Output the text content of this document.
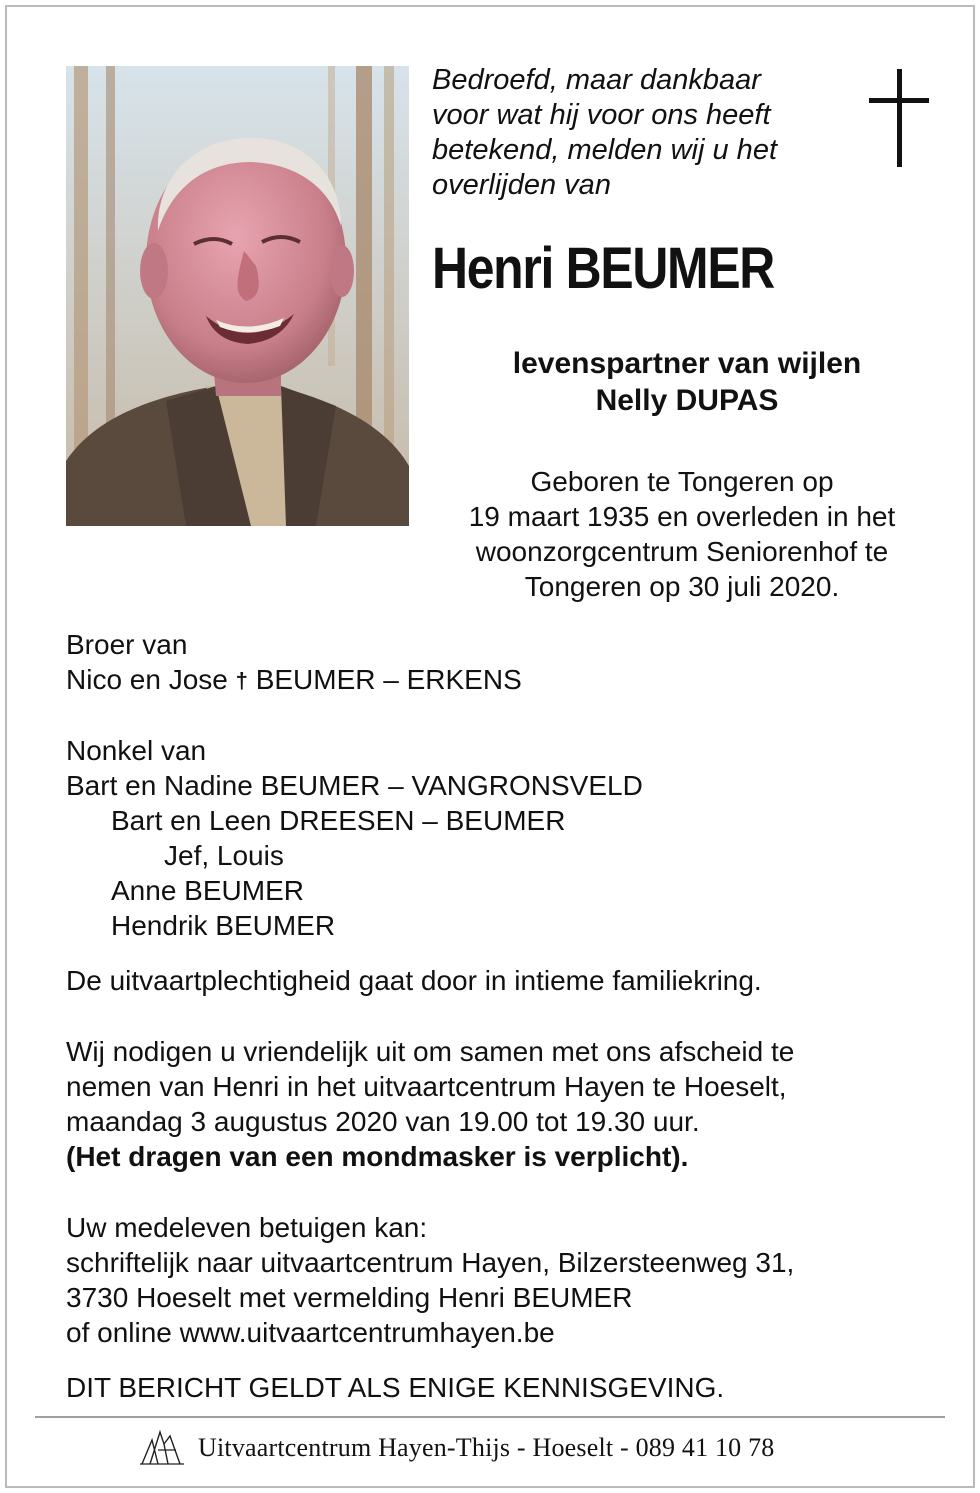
Bedroefd, maar dankbaar
voor wat hij voor ons heeft
betekend, melden wij u het
overlijden van
Henri BEUMER
levenspartner van wijlen
Nelly DUPAS
Geboren te Tongeren op
19 maart 1935 en overleden in het
woonzorgcentrum Seniorenhof te
Tongeren op 30 juli 2020.
Broer van
Nico en Jose † BEUMER – ERKENS
Nonkel van
Bart en Nadine BEUMER – VANGRONSVELD
Bart en Leen DREESEN – BEUMER
Jef, Louis
Anne BEUMER
Hendrik BEUMER
De uitvaartplechtigheid gaat door in intieme familiekring.
Wij nodigen u vriendelijk uit om samen met ons afscheid te
nemen van Henri in het uitvaartcentrum Hayen te Hoeselt,
maandag 3 augustus 2020 van 19.00 tot 19.30 uur.
(Het dragen van een mondmasker is verplicht).
Uw medeleven betuigen kan:
schriftelijk naar uitvaartcentrum Hayen, Bilzersteenweg 31,
3730 Hoeselt met vermelding Henri BEUMER
of online www.uitvaartcentrumhayen.be
DIT BERICHT GELDT ALS ENIGE KENNISGEVING.
Uitvaartcentrum Hayen-Thijs - Hoeselt - 089 41 10 78
